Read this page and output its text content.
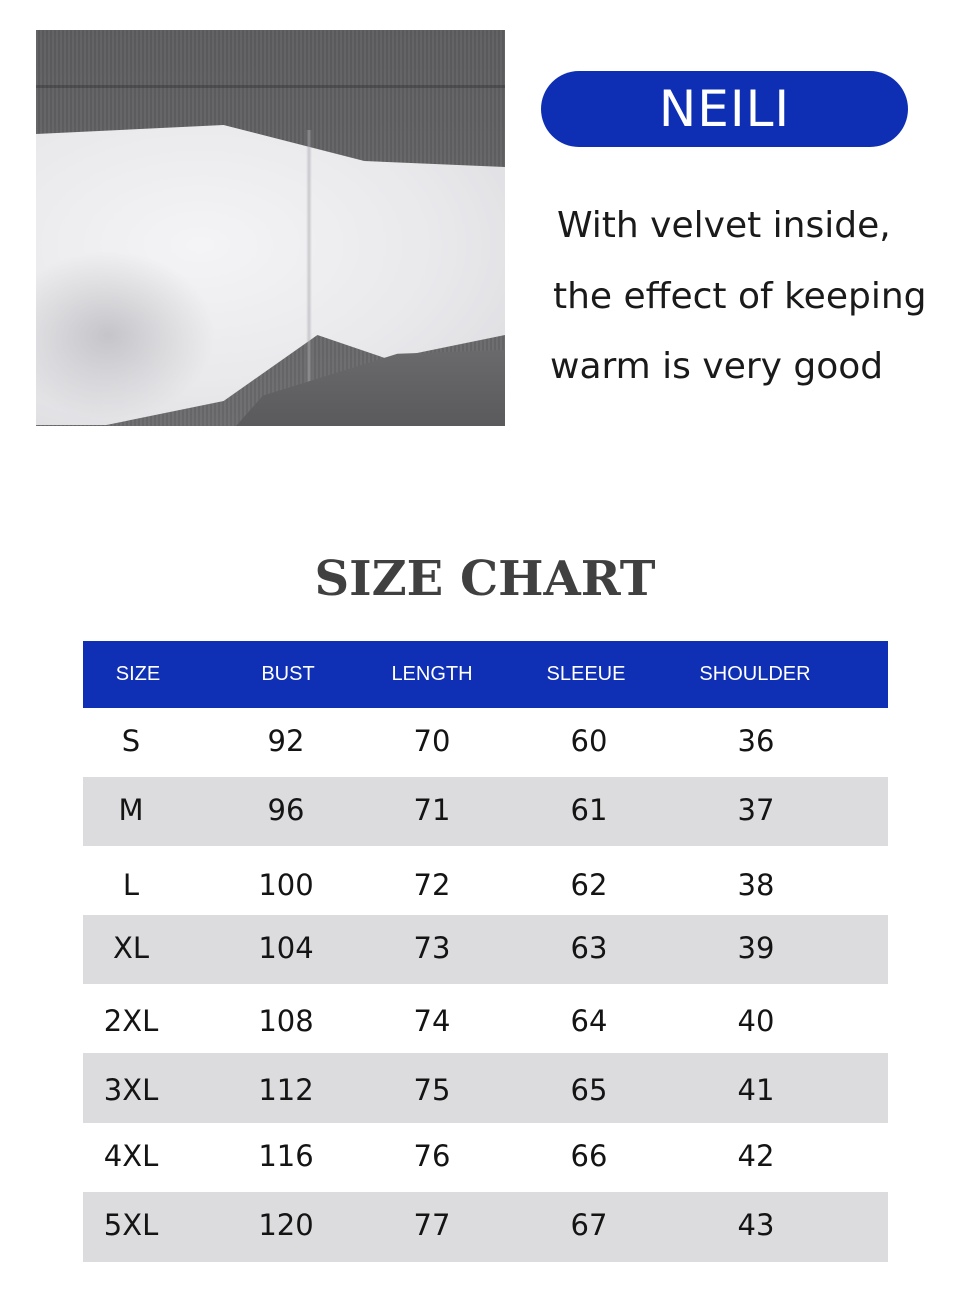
NEILI
With velvet inside,
the effect of keeping
warm is very good
SIZE CHART
SIZE	BUST	LENGTH	SLEEUE	SHOULDER
S	92	70	60	36
M	96	71	61	37
L	100	72	62	38
XL	104	73	63	39
2XL	108	74	64	40
3XL	112	75	65	41
4XL	116	76	66	42
5XL	120	77	67	43
